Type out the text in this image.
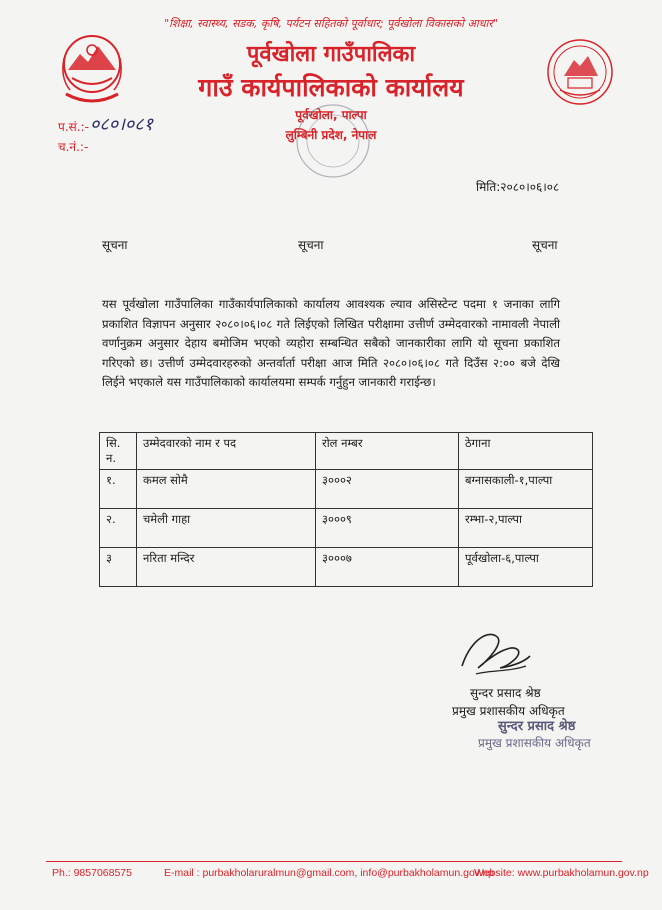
"शिक्षा, स्वास्थ्य, सडक, कृषि, पर्यटन सहितको पूर्वाधार; पूर्वखोला विकासको आधार"
पूर्वखोला गाउँपालिका
गाउँ कार्यपालिकाको कार्यालय
पूर्वखोला, पाल्पा
लुम्बिनी प्रदेश, नेपाल
प.सं.:- ०८०।०८१
च.नं.:-
मिति:२०८०।०६।०८
सूचना	सूचना	सूचना
यस पूर्वखोला गाउँपालिका गाउँकार्यपालिकाको कार्यालय आवश्यक ल्याव असिस्टेन्ट पदमा १ जनाका लागि प्रकाशित विज्ञापन अनुसार २०८०।०६।०८ गते लिईएको लिखित परीक्षामा उत्तीर्ण उम्मेदवारको नामावली नेपाली वर्णानुक्रम अनुसार देहाय बमोजिम भएको व्यहोरा सम्बन्धित सबैको जानकारीका लागि यो सूचना प्रकाशित गरिएको छ। उत्तीर्ण उम्मेदवारहरुको अन्तर्वार्ता परीक्षा आज मिति २०८०।०६।०८ गते दिउँस २:०० बजे देखि लिईने भएकाले यस गाउँपालिकाको कार्यालयमा सम्पर्क गर्नुहुन जानकारी गराईन्छ।
सि. न.	उम्मेदवारको नाम र पद	रोल नम्बर	ठेगाना
१.	कमल सोमै	३०००२	बग्नासकाली-१,पाल्पा
२.	चमेली गाहा	३०००९	रम्भा-२,पाल्पा
३	नरिता मन्दिर	३०००७	पूर्वखोला-६,पाल्पा
सुन्दर प्रसाद श्रेष्ठ
प्रमुख प्रशासकीय अधिकृत
सुन्दर प्रसाद श्रेष्ठ
प्रमुख प्रशासकीय अधिकृत
Ph.: 9857068575	E-mail : purbakholaruralmun@gmail.com, info@purbakholamun.gov.np
Website: www.purbakholamun.gov.np
